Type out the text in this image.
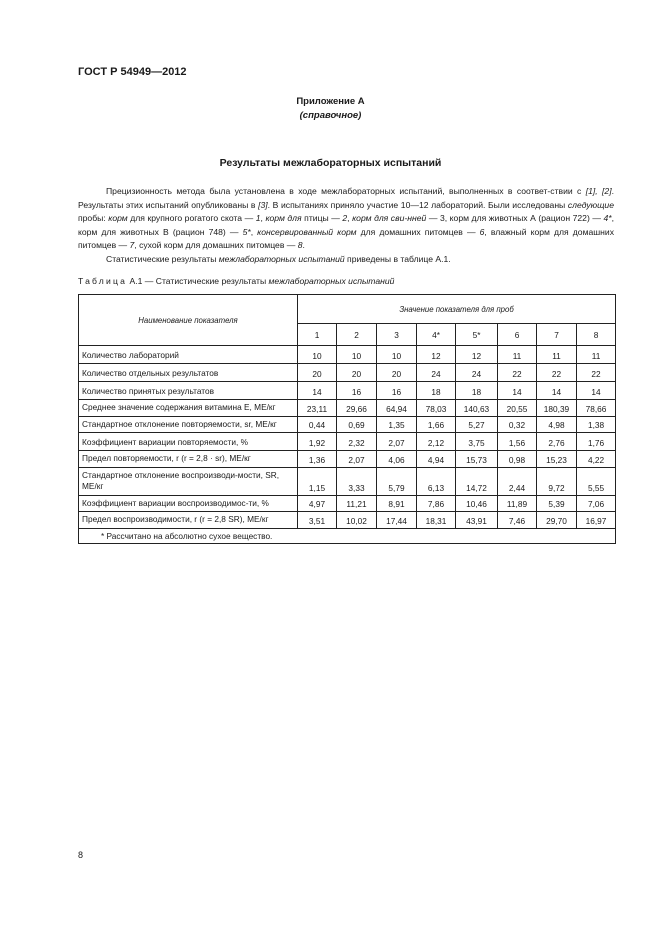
ГОСТ Р 54949—2012
Приложение А
(справочное)
Результаты межлабораторных испытаний

Прецизионность метода была установлена в ходе межлабораторных испытаний, выполненных в соответ-ствии с [1], [2]. Результаты этих испытаний опубликованы в [3]. В испытаниях приняло участие 10—12 лабораторий. Были исследованы следующие пробы: корм для крупного рогатого скота — 1, корм для птицы — 2, корм для сви-нней — 3, корм для животных А (рацион 722) — 4*, корм для животных В (рацион 748) — 5*, консервированный корм для домашних питомцев — 6, влажный корм для домашних питомцев — 7, сухой корм для домашних питомцев — 8.

Статистические результаты межлабораторных испытаний приведены в таблице А.1.

Таблица А.1 — Статистические результаты межлабораторных испытаний
Наименование показателя	Значение показателя для проб							
	1	2	3	4*	5*	6	7	8
Количество лабораторий	10	10	10	12	12	11	11	11
Количество отдельных результатов	20	20	20	24	24	22	22	22
Количество принятых результатов	14	16	16	18	18	14	14	14
Среднее значение содержания витамина Е, МЕ/кг	23,11	29,66	64,94	78,03	140,63	20,55	180,39	78,66
Стандартное отклонение повторяемости, sr, МЕ/кг	0,44	0,69	1,35	1,66	5,27	0,32	4,98	1,38
Коэффициент вариации повторяемости, %	1,92	2,32	2,07	2,12	3,75	1,56	2,76	1,76
Предел повторяемости, r (r = 2,8 · sr), МЕ/кг	1,36	2,07	4,06	4,94	15,73	0,98	15,23	4,22
Стандартное отклонение воспроизводи-мости, SR, МЕ/кг	1,15	3,33	5,79	6,13	14,72	2,44	9,72	5,55
Коэффициент вариации воспроизводимос-ти, %	4,97	11,21	8,91	7,86	10,46	11,89	5,39	7,06
Предел воспроизводимости, r (r = 2,8 SR), МЕ/кг	3,51	10,02	17,44	18,31	43,91	7,46	29,70	16,97
* Рассчитано на абсолютно сухое вещество.								
8
